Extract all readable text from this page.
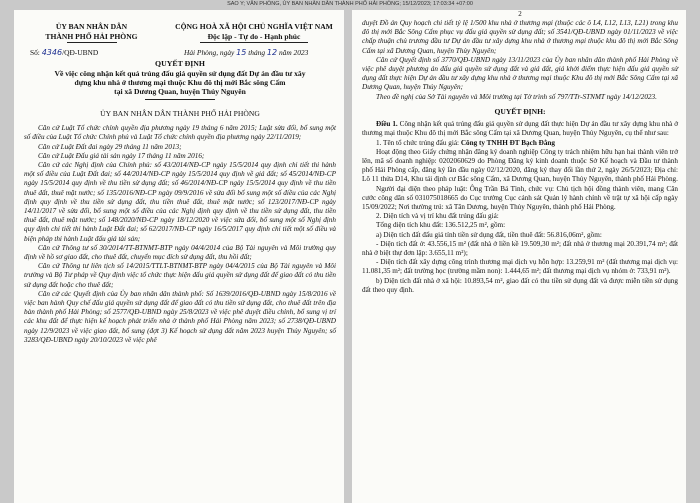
SAO Y; VĂN PHÒNG, ỦY BAN NHÂN DÂN THÀNH PHỐ HẢI PHÒNG; 15/12/2023; 17:03:34 +07:00
ỦY BAN NHÂN DÂN
THÀNH PHỐ HẢI PHÒNG
CỘNG HOÀ XÃ HỘI CHỦ NGHĨA VIỆT NAM
Độc lập - Tự do - Hạnh phúc
Số: 4346/QĐ-UBND	Hải Phòng, ngày 15 tháng 12 năm 2023

QUYẾT ĐỊNH

Về việc công nhận kết quả trúng đấu giá quyền sử dụng đất Dự án đầu tư xây

dựng khu nhà ở thương mại thuộc Khu đô thị mới Bắc sông Cấm

tại xã Dương Quan, huyện Thủy Nguyên

ỦY BAN NHÂN DÂN THÀNH PHỐ HẢI PHÒNG

Căn cứ Luật Tổ chức chính quyền địa phương ngày 19 tháng 6 năm 2015; Luật sửa đổi, bổ sung một số điều của Luật Tổ chức Chính phủ và Luật Tổ chức chính quyền địa phương ngày 22/11/2019;

Căn cứ Luật Đất đai ngày 29 tháng 11 năm 2013;

Căn cứ Luật Đấu giá tài sản ngày 17 tháng 11 năm 2016;

Căn cứ các Nghị định của Chính phủ: số 43/2014/NĐ-CP ngày 15/5/2014 quy định chi tiết thi hành một số điều của Luật Đất đai; số 44/2014/NĐ-CP ngày 15/5/2014 quy định về giá đất; số 45/2014/NĐ-CP ngày 15/5/2014 quy định về thu tiền sử dụng đất; số 46/2014/NĐ-CP ngày 15/5/2014 quy định về thu tiền thuê đất, thuê mặt nước; số 135/2016/NĐ-CP ngày 09/9/2016 về sửa đổi bổ sung một số điều của các Nghị định quy định về thu tiền sử dụng đất, thu tiền thuê đất, thuê mặt nước; số 123/2017/NĐ-CP ngày 14/11/2017 về sửa đổi, bổ sung một số điều của các Nghị định quy định về thu tiền sử dụng đất, thu tiền thuê đất, thuê mặt nước; số 148/2020/NĐ-CP ngày 18/12/2020 về việc sửa đổi, bổ sung một số Nghị định quy định chi tiết thi hành Luật Đất đai; số 62/2017/NĐ-CP ngày 16/5/2017 quy định chi tiết một số điều và biện pháp thi hành Luật đấu giá tài sản;

Căn cứ Thông tư số 30/2014/TT-BTNMT-BTP ngày 04/4/2014 của Bộ Tài nguyên và Môi trường quy định về hồ sơ giao đất, cho thuê đất, chuyển mục đích sử dụng đất, thu hồi đất;

Căn cứ Thông tư liên tịch số 14/2015/TTLT-BTNMT-BTP ngày 04/4/2015 của Bộ Tài nguyên và Môi trường và Bộ Tư pháp về Quy định việc tổ chức thực hiện đấu giá quyền sử dụng đất để giao đất có thu tiền sử dụng đất hoặc cho thuê đất;

Căn cứ các Quyết định của Ủy ban nhân dân thành phố: Số 1639/2016/QĐ-UBND ngày 15/8/2016 về việc ban hành Quy chế đấu giá quyền sử dụng đất để giao đất có thu tiền sử dụng đất, cho thuê đất trên địa bàn thành phố Hải Phòng; số 2577/QĐ-UBND ngày 25/8/2023 về việc phê duyệt điều chỉnh, bổ sung vị trí các khu đất để thực hiện kế hoạch phát triển nhà ở thành phố Hải Phòng năm 2023; số 2738/QĐ-UBND ngày 12/9/2023 về việc giao đất, bổ sung (đợt 3) Kế hoạch sử dụng đất năm 2023 huyện Thủy Nguyên; số 3283/QĐ-UBND ngày 20/10/2023 về việc phê

2

duyệt Đồ án Quy hoạch chi tiết tỷ lệ 1/500 khu nhà ở thương mại (thuộc các ô L4, L12, L13, L21) trong khu đô thị mới Bắc Sông Cấm phục vụ đấu giá quyền sử dụng đất; số 3541/QĐ-UBND ngày 01/11/2023 về việc chấp thuận chủ trương đầu tư Dự án đầu tư xây dựng khu nhà ở thương mại thuộc khu đô thị mới Bắc Sông Cấm tại xã Dương Quan, huyện Thủy Nguyên;

Căn cứ Quyết định số 3770/QĐ-UBND ngày 13/11/2023 của Ủy ban nhân dân thành phố Hải Phòng về việc phê duyệt phương án đấu giá quyền sử dụng đất và giá đất, giá khởi điểm thực hiện đấu giá quyền sử dụng đất thực hiện Dự án đầu tư xây dựng khu nhà ở thương mại thuộc Khu đô thị mới Bắc Sông Cấm tại xã Dương Quan, huyện Thủy Nguyên;

Theo đề nghị của Sở Tài nguyên và Môi trường tại Tờ trình số 797/TTr-STNMT ngày 14/12/2023.

QUYẾT ĐỊNH:

Điều 1. Công nhận kết quả trúng đấu giá quyền sử dụng đất thực hiện Dự án đầu tư xây dựng khu nhà ở thương mại thuộc Khu đô thị mới Bắc sông Cấm tại xã Dương Quan, huyện Thủy Nguyên, cụ thể như sau:

1. Tên tổ chức trúng đấu giá: Công ty TNHH ĐT Bạch Đằng

Hoạt động theo Giấy chứng nhận đăng ký doanh nghiệp Công ty trách nhiệm hữu hạn hai thành viên trở lên, mã số doanh nghiệp: 0202060629 do Phòng Đăng ký kinh doanh thuộc Sở Kế hoạch và Đầu tư thành phố Hải Phòng cấp, đăng ký lần đầu ngày 02/12/2020, đăng ký thay đổi lần thứ 2, ngày 26/5/2023; Địa chỉ: Lô 11 thửa D14, Khu tái định cư Bắc sông Cấm, xã Dương Quan, huyện Thủy Nguyên, thành phố Hải Phòng.

Người đại diện theo pháp luật: Ông Trần Bá Tình, chức vụ: Chủ tịch hội đồng thành viên, mang Căn cước công dân số 031075018665 do Cục trưởng Cục cảnh sát Quản lý hành chính về trật tự xã hội cấp ngày 15/09/2022; Nơi thường trú: xã Tân Dương, huyện Thủy Nguyên, thành phố Hải Phòng.

2. Diện tích và vị trí khu đất trúng đấu giá:

Tổng diện tích khu đất: 136.512,25 m², gồm:

a) Diện tích đất đấu giá tính tiền sử dụng đất, tiền thuê đất: 56.816,06m², gồm:

- Diện tích đất ở: 43.556,15 m² (đất nhà ở liền kề 19.509,30 m²; đất nhà ở thương mại 20.391,74 m²; đất nhà ở biệt thự đơn lập: 3.655,11 m²);

- Diện tích đất xây dựng công trình thương mại dịch vụ hỗn hợp: 13.259,91 m² (đất thương mại dịch vụ: 11.081,35 m²; đất trường học (trường mầm non): 1.444,65 m²; đất thương mại dịch vụ nhóm ở: 733,91 m²).

b) Diện tích đất nhà ở xã hội: 10.893,54 m², giao đất có thu tiền sử dụng đất và được miễn tiền sử dụng đất theo quy định.
